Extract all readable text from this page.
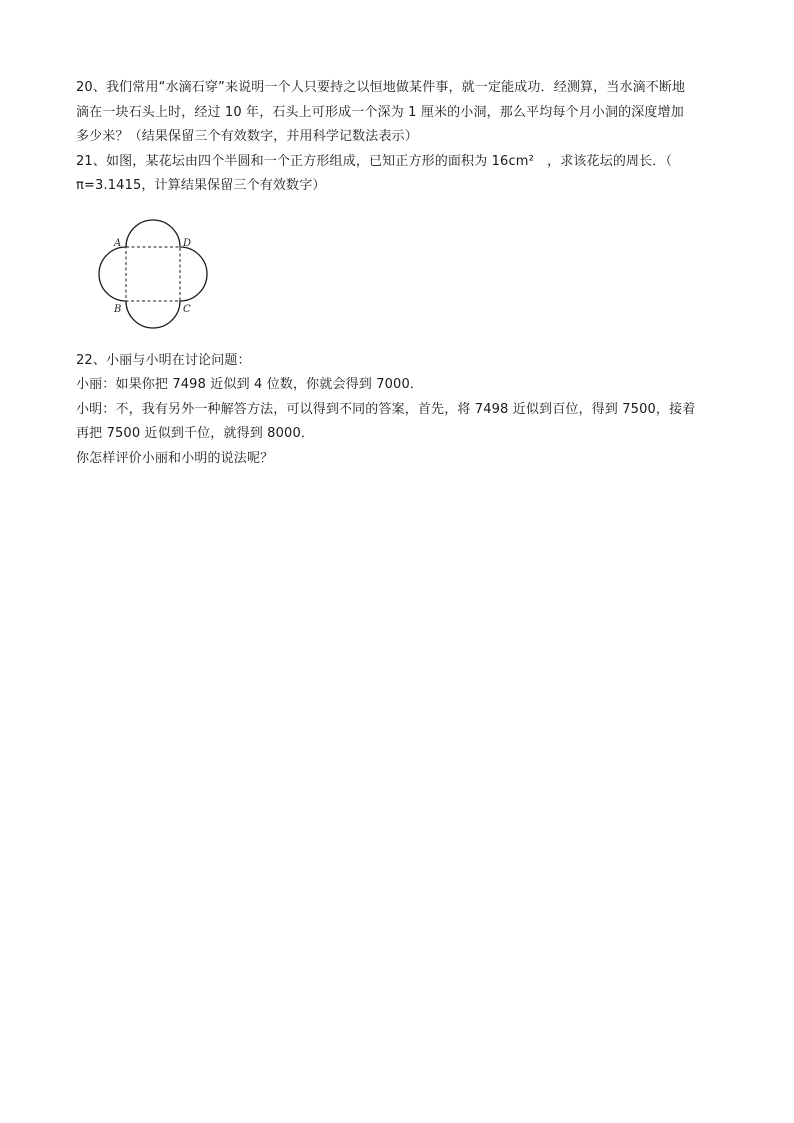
20、我们常用“水滴石穿”来说明一个人只要持之以恒地做某件事，就一定能成功．经测算，当水滴不断地
滴在一块石头上时，经过 10 年，石头上可形成一个深为 1 厘米的小洞，那么平均每个月小洞的深度增加
多少米？（结果保留三个有效数字，并用科学记数法表示）
21、如图，某花坛由四个半圆和一个正方形组成，已知正方形的面积为 16cm²　，求该花坛的周长．（
π=3.1415，计算结果保留三个有效数字）
A	D
B	C
22、小丽与小明在讨论问题：
小丽：如果你把 7498 近似到 4 位数，你就会得到 7000．
小明：不，我有另外一种解答方法，可以得到不同的答案，首先，将 7498 近似到百位，得到 7500，接着
再把 7500 近似到千位，就得到 8000．
你怎样评价小丽和小明的说法呢？
